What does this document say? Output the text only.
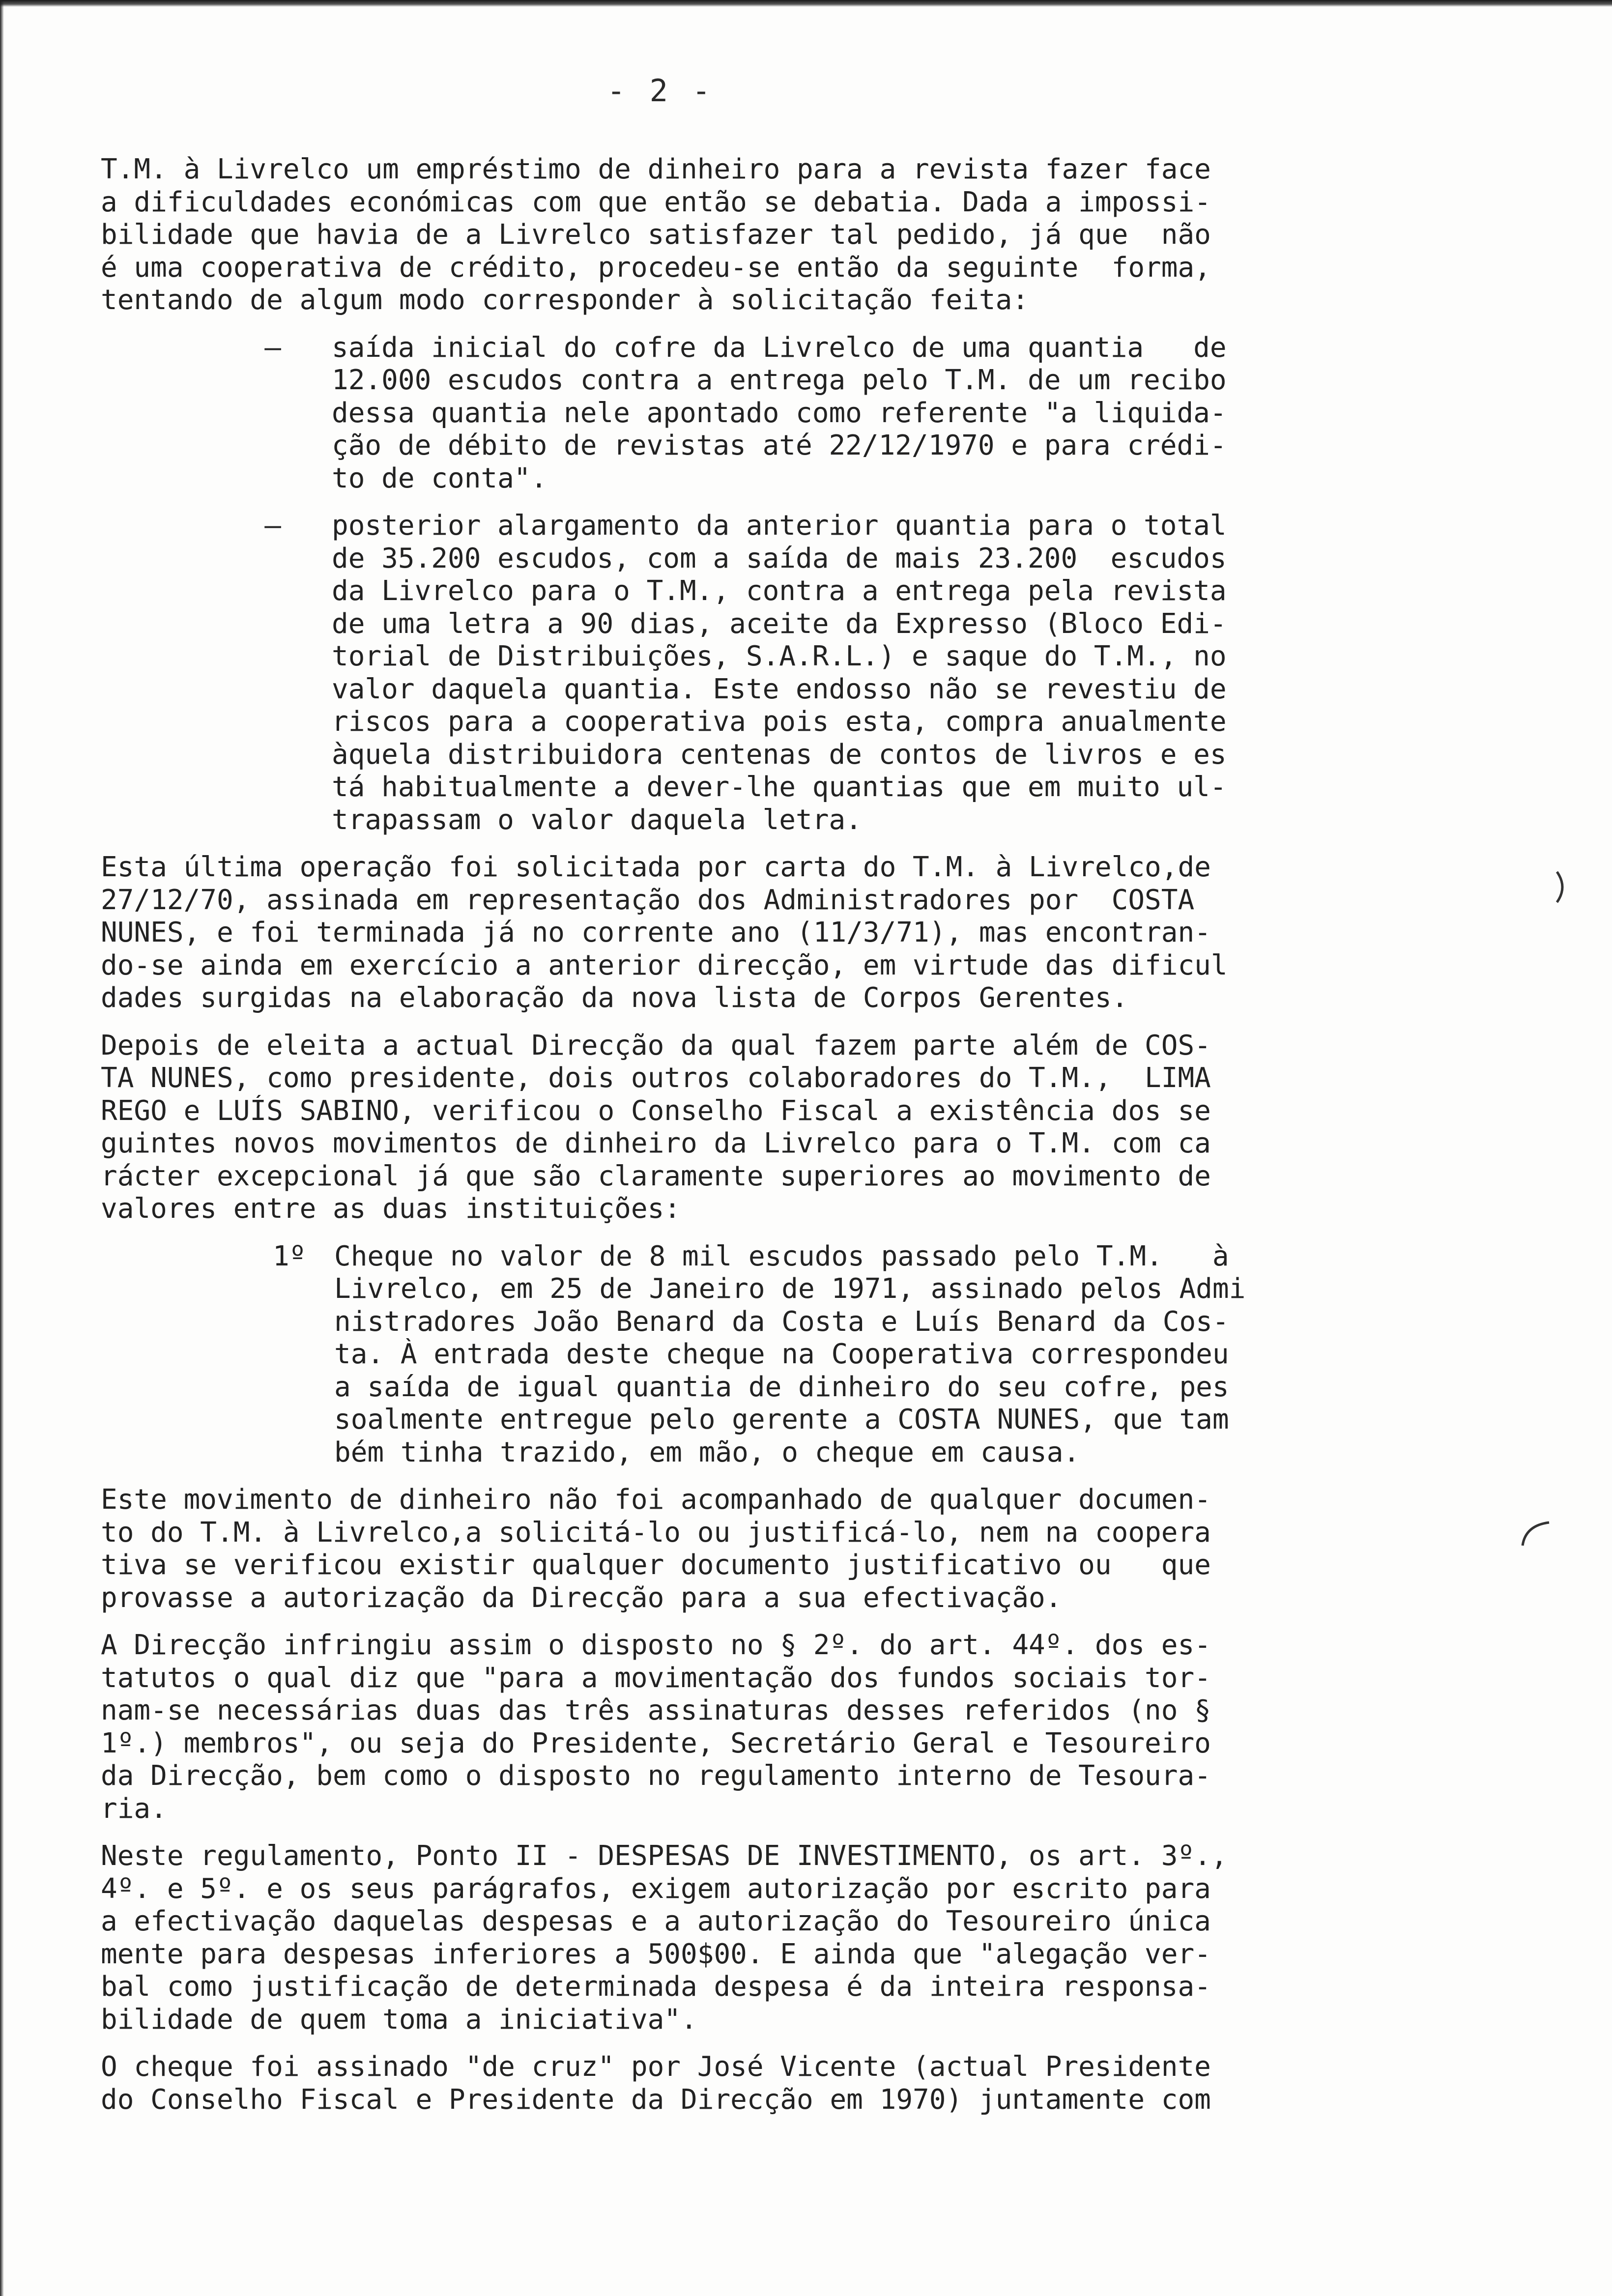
- 2 -
T.M. à Livrelco um empréstimo de dinheiro para a revista fazer face
a dificuldades económicas com que então se debatia. Dada a impossi-
bilidade que havia de a Livrelco satisfazer tal pedido, já que  não
é uma cooperativa de crédito, procedeu-se então da seguinte  forma,
tentando de algum modo corresponder à solicitação feita:
—	saída inicial do cofre da Livrelco de uma quantia   de
12.000 escudos contra a entrega pelo T.M. de um recibo
dessa quantia nele apontado como referente "a liquida-
ção de débito de revistas até 22/12/1970 e para crédi-
to de conta".
—	posterior alargamento da anterior quantia para o total
de 35.200 escudos, com a saída de mais 23.200  escudos
da Livrelco para o T.M., contra a entrega pela revista
de uma letra a 90 dias, aceite da Expresso (Bloco Edi-
torial de Distribuições, S.A.R.L.) e saque do T.M., no
valor daquela quantia. Este endosso não se revestiu de
riscos para a cooperativa pois esta, compra anualmente
àquela distribuidora centenas de contos de livros e es
tá habitualmente a dever-lhe quantias que em muito ul-
trapassam o valor daquela letra.
Esta última operação foi solicitada por carta do T.M. à Livrelco,de
27/12/70, assinada em representação dos Administradores por  COSTA
NUNES, e foi terminada já no corrente ano (11/3/71), mas encontran-
do-se ainda em exercício a anterior direcção, em virtude das dificul
dades surgidas na elaboração da nova lista de Corpos Gerentes.
Depois de eleita a actual Direcção da qual fazem parte além de COS-
TA NUNES, como presidente, dois outros colaboradores do T.M.,  LIMA
REGO e LUÍS SABINO, verificou o Conselho Fiscal a existência dos se
guintes novos movimentos de dinheiro da Livrelco para o T.M. com ca
rácter excepcional já que são claramente superiores ao movimento de
valores entre as duas instituições:
1º Cheque no valor de 8 mil escudos passado pelo T.M.   à
Livrelco, em 25 de Janeiro de 1971, assinado pelos Admi
nistradores João Benard da Costa e Luís Benard da Cos-
ta. À entrada deste cheque na Cooperativa correspondeu
a saída de igual quantia de dinheiro do seu cofre, pes
soalmente entregue pelo gerente a COSTA NUNES, que tam
bém tinha trazido, em mão, o cheque em causa.
Este movimento de dinheiro não foi acompanhado de qualquer documen-
to do T.M. à Livrelco,a solicitá-lo ou justificá-lo, nem na coopera
tiva se verificou existir qualquer documento justificativo ou   que
provasse a autorização da Direcção para a sua efectivação.
A Direcção infringiu assim o disposto no § 2º. do art. 44º. dos es-
tatutos o qual diz que "para a movimentação dos fundos sociais tor-
nam-se necessárias duas das três assinaturas desses referidos (no §
1º.) membros", ou seja do Presidente, Secretário Geral e Tesoureiro
da Direcção, bem como o disposto no regulamento interno de Tesoura-
ria.
Neste regulamento, Ponto II - DESPESAS DE INVESTIMENTO, os art. 3º.,
4º. e 5º. e os seus parágrafos, exigem autorização por escrito para
a efectivação daquelas despesas e a autorização do Tesoureiro única
mente para despesas inferiores a 500$00. E ainda que "alegação ver-
bal como justificação de determinada despesa é da inteira responsa-
bilidade de quem toma a iniciativa".
O cheque foi assinado "de cruz" por José Vicente (actual Presidente
do Conselho Fiscal e Presidente da Direcção em 1970) juntamente com
